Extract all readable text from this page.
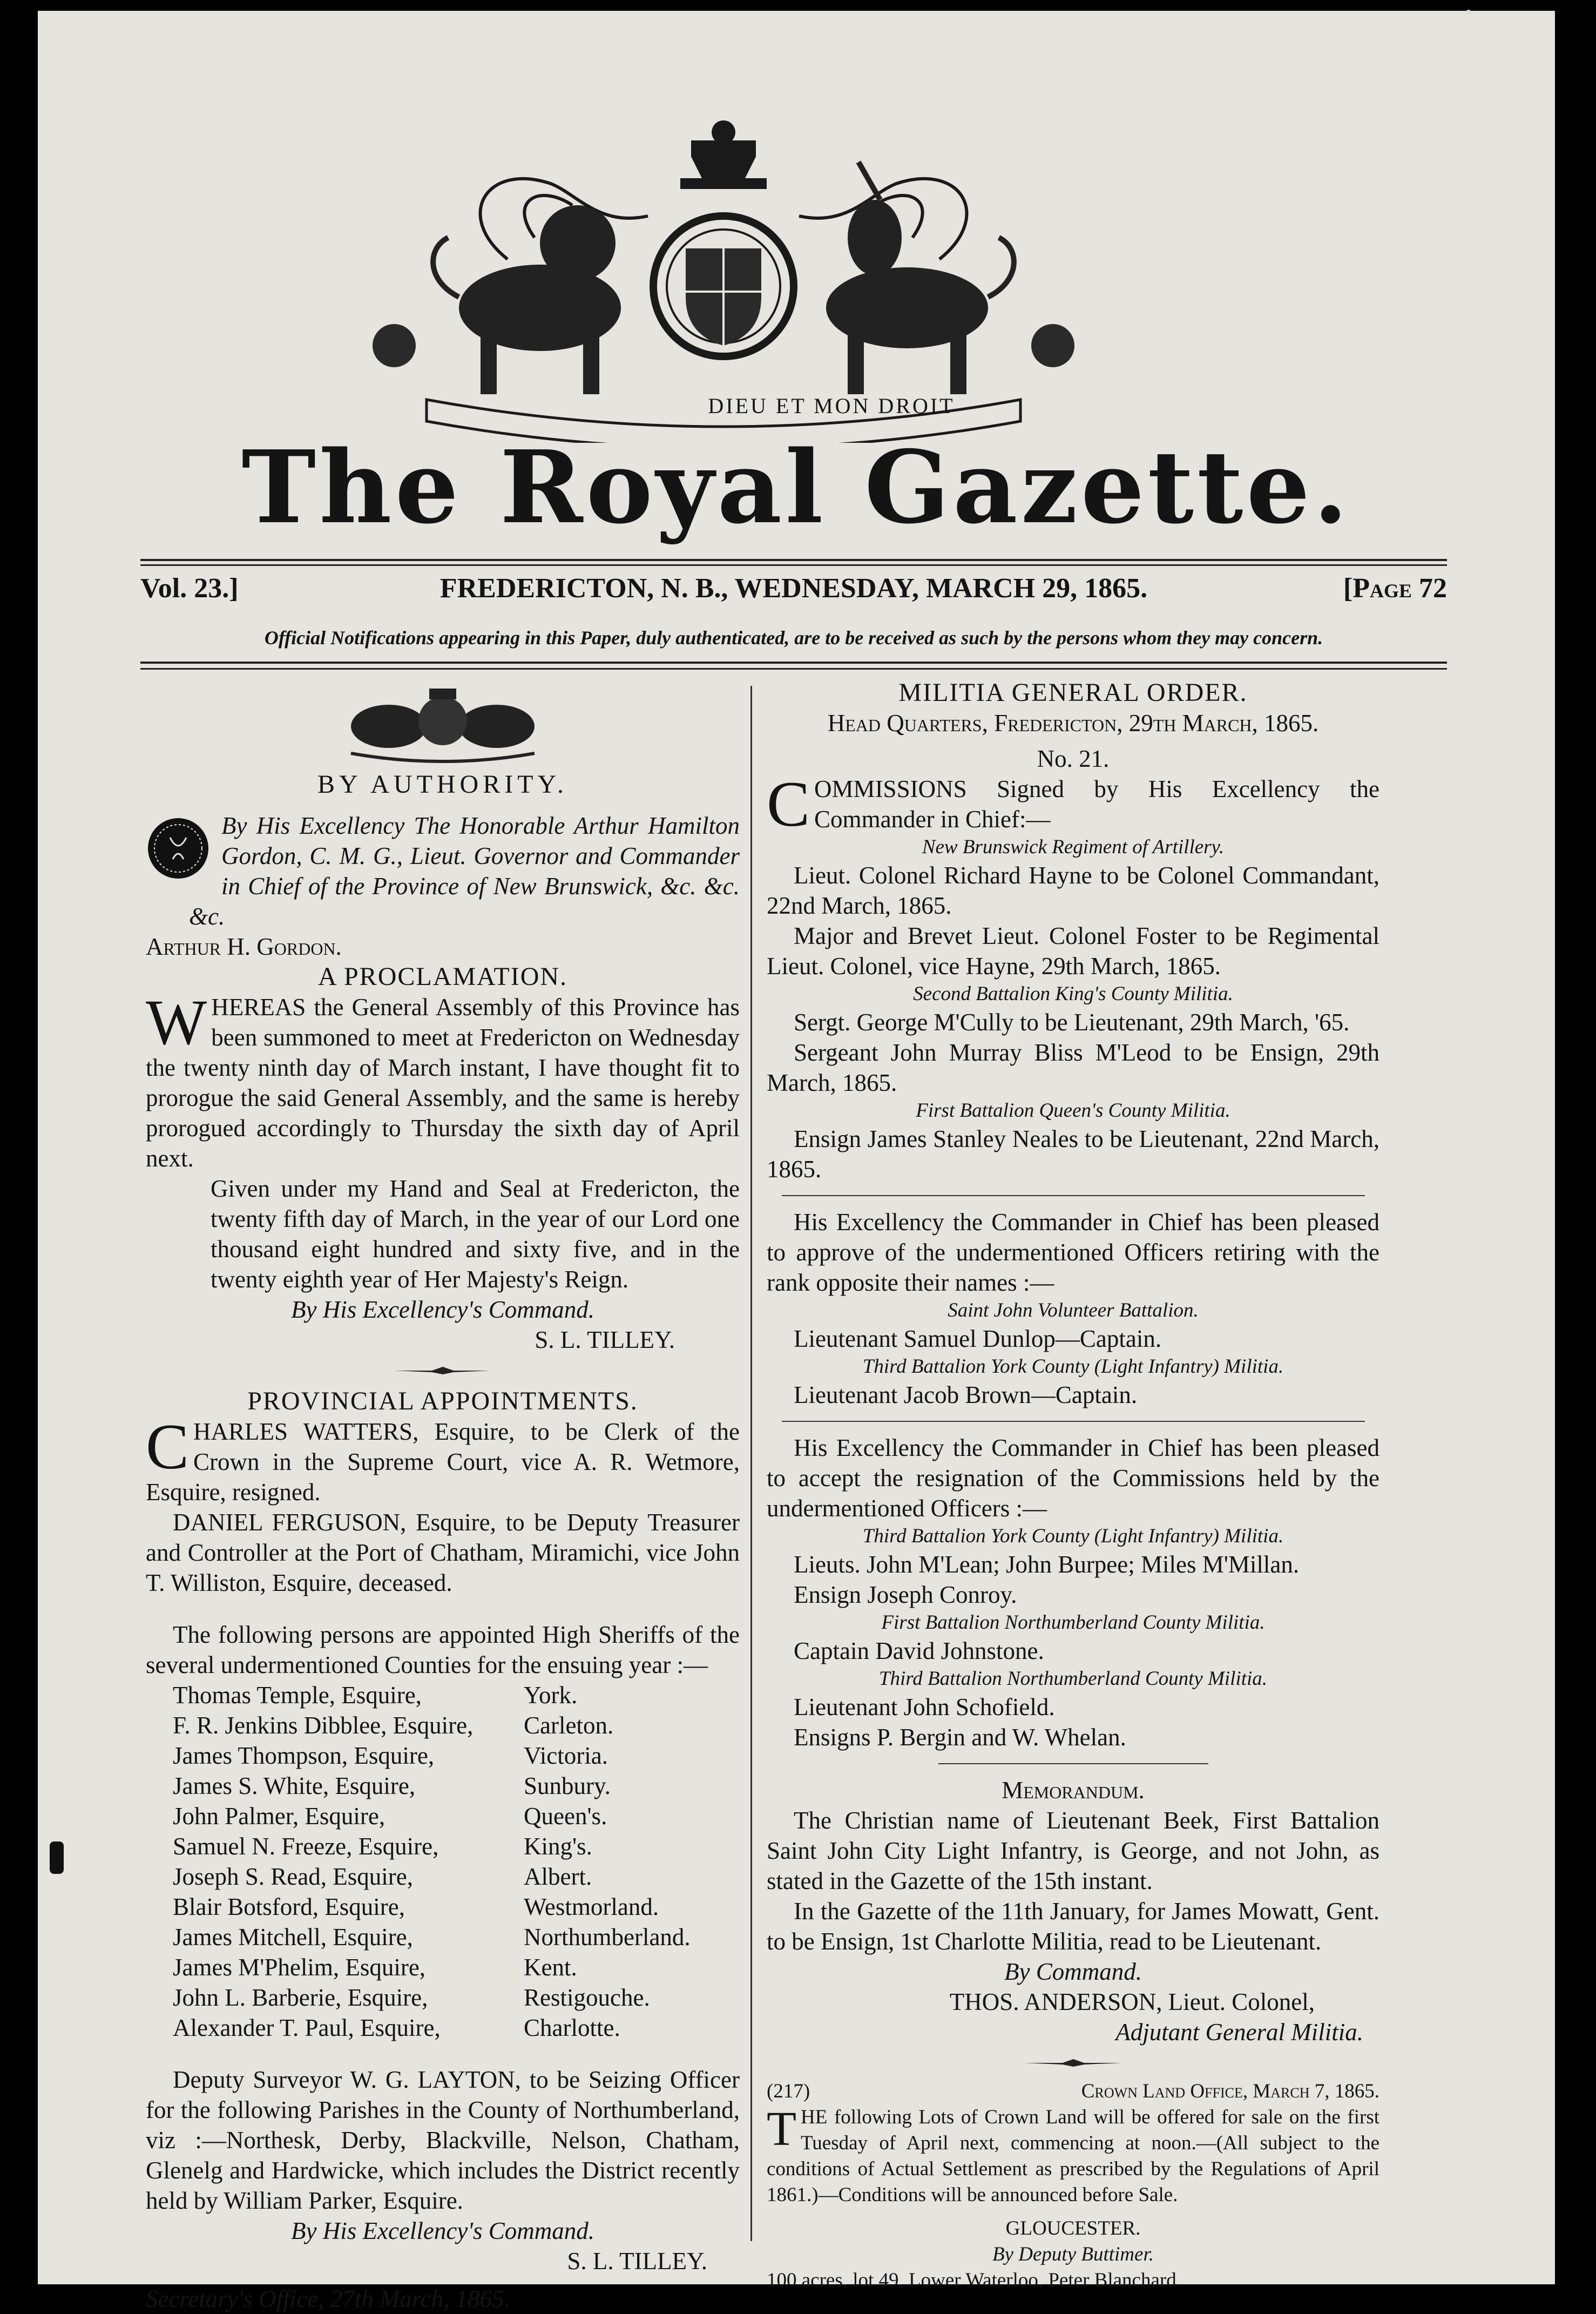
DIEU ET MON DROIT
The Royal Gazette.
Vol. 23.]	FREDERICTON, N. B., WEDNESDAY, MARCH 29, 1865.	[Page 72
Official Notifications appearing in this Paper, duly authenticated, are to be received as such by the persons whom they may concern.

BY AUTHORITY.

By His Excellency The Honorable Arthur Hamilton Gordon, C. M. G., Lieut. Governor and Commander in Chief of the Province of New Brunswick, &c. &c. &c.

Arthur H. Gordon.

A PROCLAMATION.

WHEREAS the General Assembly of this Province has been summoned to meet at Fredericton on Wednesday the twenty ninth day of March instant, I have thought fit to prorogue the said General Assembly, and the same is hereby prorogued accordingly to Thursday the sixth day of April next.

Given under my Hand and Seal at Fredericton, the twenty fifth day of March, in the year of our Lord one thousand eight hundred and sixty five, and in the twenty eighth year of Her Majesty's Reign.

By His Excellency's Command.

S. L. TILLEY.

PROVINCIAL APPOINTMENTS.

CHARLES WATTERS, Esquire, to be Clerk of the Crown in the Supreme Court, vice A. R. Wetmore, Esquire, resigned.

DANIEL FERGUSON, Esquire, to be Deputy Treasurer and Controller at the Port of Chatham, Miramichi, vice John T. Williston, Esquire, deceased.

The following persons are appointed High Sheriffs of the several undermentioned Counties for the ensuing year :—

Thomas Temple, Esquire,	York.
F. R. Jenkins Dibblee, Esquire,	Carleton.
James Thompson, Esquire,	Victoria.
James S. White, Esquire,	Sunbury.
John Palmer, Esquire,	Queen's.
Samuel N. Freeze, Esquire,	King's.
Joseph S. Read, Esquire,	Albert.
Blair Botsford, Esquire,	Westmorland.
James Mitchell, Esquire,	Northumberland.
James M'Phelim, Esquire,	Kent.
John L. Barberie, Esquire,	Restigouche.
Alexander T. Paul, Esquire,	Charlotte.

Deputy Surveyor W. G. LAYTON, to be Seizing Officer for the following Parishes in the County of Northumberland, viz :—Northesk, Derby, Blackville, Nelson, Chatham, Glenelg and Hardwicke, which includes the District recently held by William Parker, Esquire.

By His Excellency's Command.

S. L. TILLEY.

Secretary's Office, 27th March, 1865.

MILITIA GENERAL ORDER.

Head Quarters, Fredericton, 29th March, 1865.

No. 21.

COMMISSIONS Signed by His Excellency the Commander in Chief:—

New Brunswick Regiment of Artillery.

Lieut. Colonel Richard Hayne to be Colonel Commandant, 22nd March, 1865.

Major and Brevet Lieut. Colonel Foster to be Regimental Lieut. Colonel, vice Hayne, 29th March, 1865.

Second Battalion King's County Militia.

Sergt. George M'Cully to be Lieutenant, 29th March, '65.

Sergeant John Murray Bliss M'Leod to be Ensign, 29th March, 1865.

First Battalion Queen's County Militia.

Ensign James Stanley Neales to be Lieutenant, 22nd March, 1865.

His Excellency the Commander in Chief has been pleased to approve of the undermentioned Officers retiring with the rank opposite their names :—

Saint John Volunteer Battalion.

Lieutenant Samuel Dunlop—Captain.

Third Battalion York County (Light Infantry) Militia.

Lieutenant Jacob Brown—Captain.

His Excellency the Commander in Chief has been pleased to accept the resignation of the Commissions held by the undermentioned Officers :—

Third Battalion York County (Light Infantry) Militia.

Lieuts. John M'Lean; John Burpee; Miles M'Millan.

Ensign Joseph Conroy.

First Battalion Northumberland County Militia.

Captain David Johnstone.

Third Battalion Northumberland County Militia.

Lieutenant John Schofield.

Ensigns P. Bergin and W. Whelan.

Memorandum.

The Christian name of Lieutenant Beek, First Battalion Saint John City Light Infantry, is George, and not John, as stated in the Gazette of the 15th instant.

In the Gazette of the 11th January, for James Mowatt, Gent. to be Ensign, 1st Charlotte Militia, read to be Lieutenant.

By Command.

THOS. ANDERSON, Lieut. Colonel,

Adjutant General Militia.

(217)	Crown Land Office, March 7, 1865.

THE following Lots of Crown Land will be offered for sale on the first Tuesday of April next, commencing at noon.—(All subject to the conditions of Actual Settlement as prescribed by the Regulations of April 1861.)—Conditions will be announced before Sale.

GLOUCESTER.

By Deputy Buttimer.

100 acres, lot 49, Lower Waterloo, Peter Blanchard.
